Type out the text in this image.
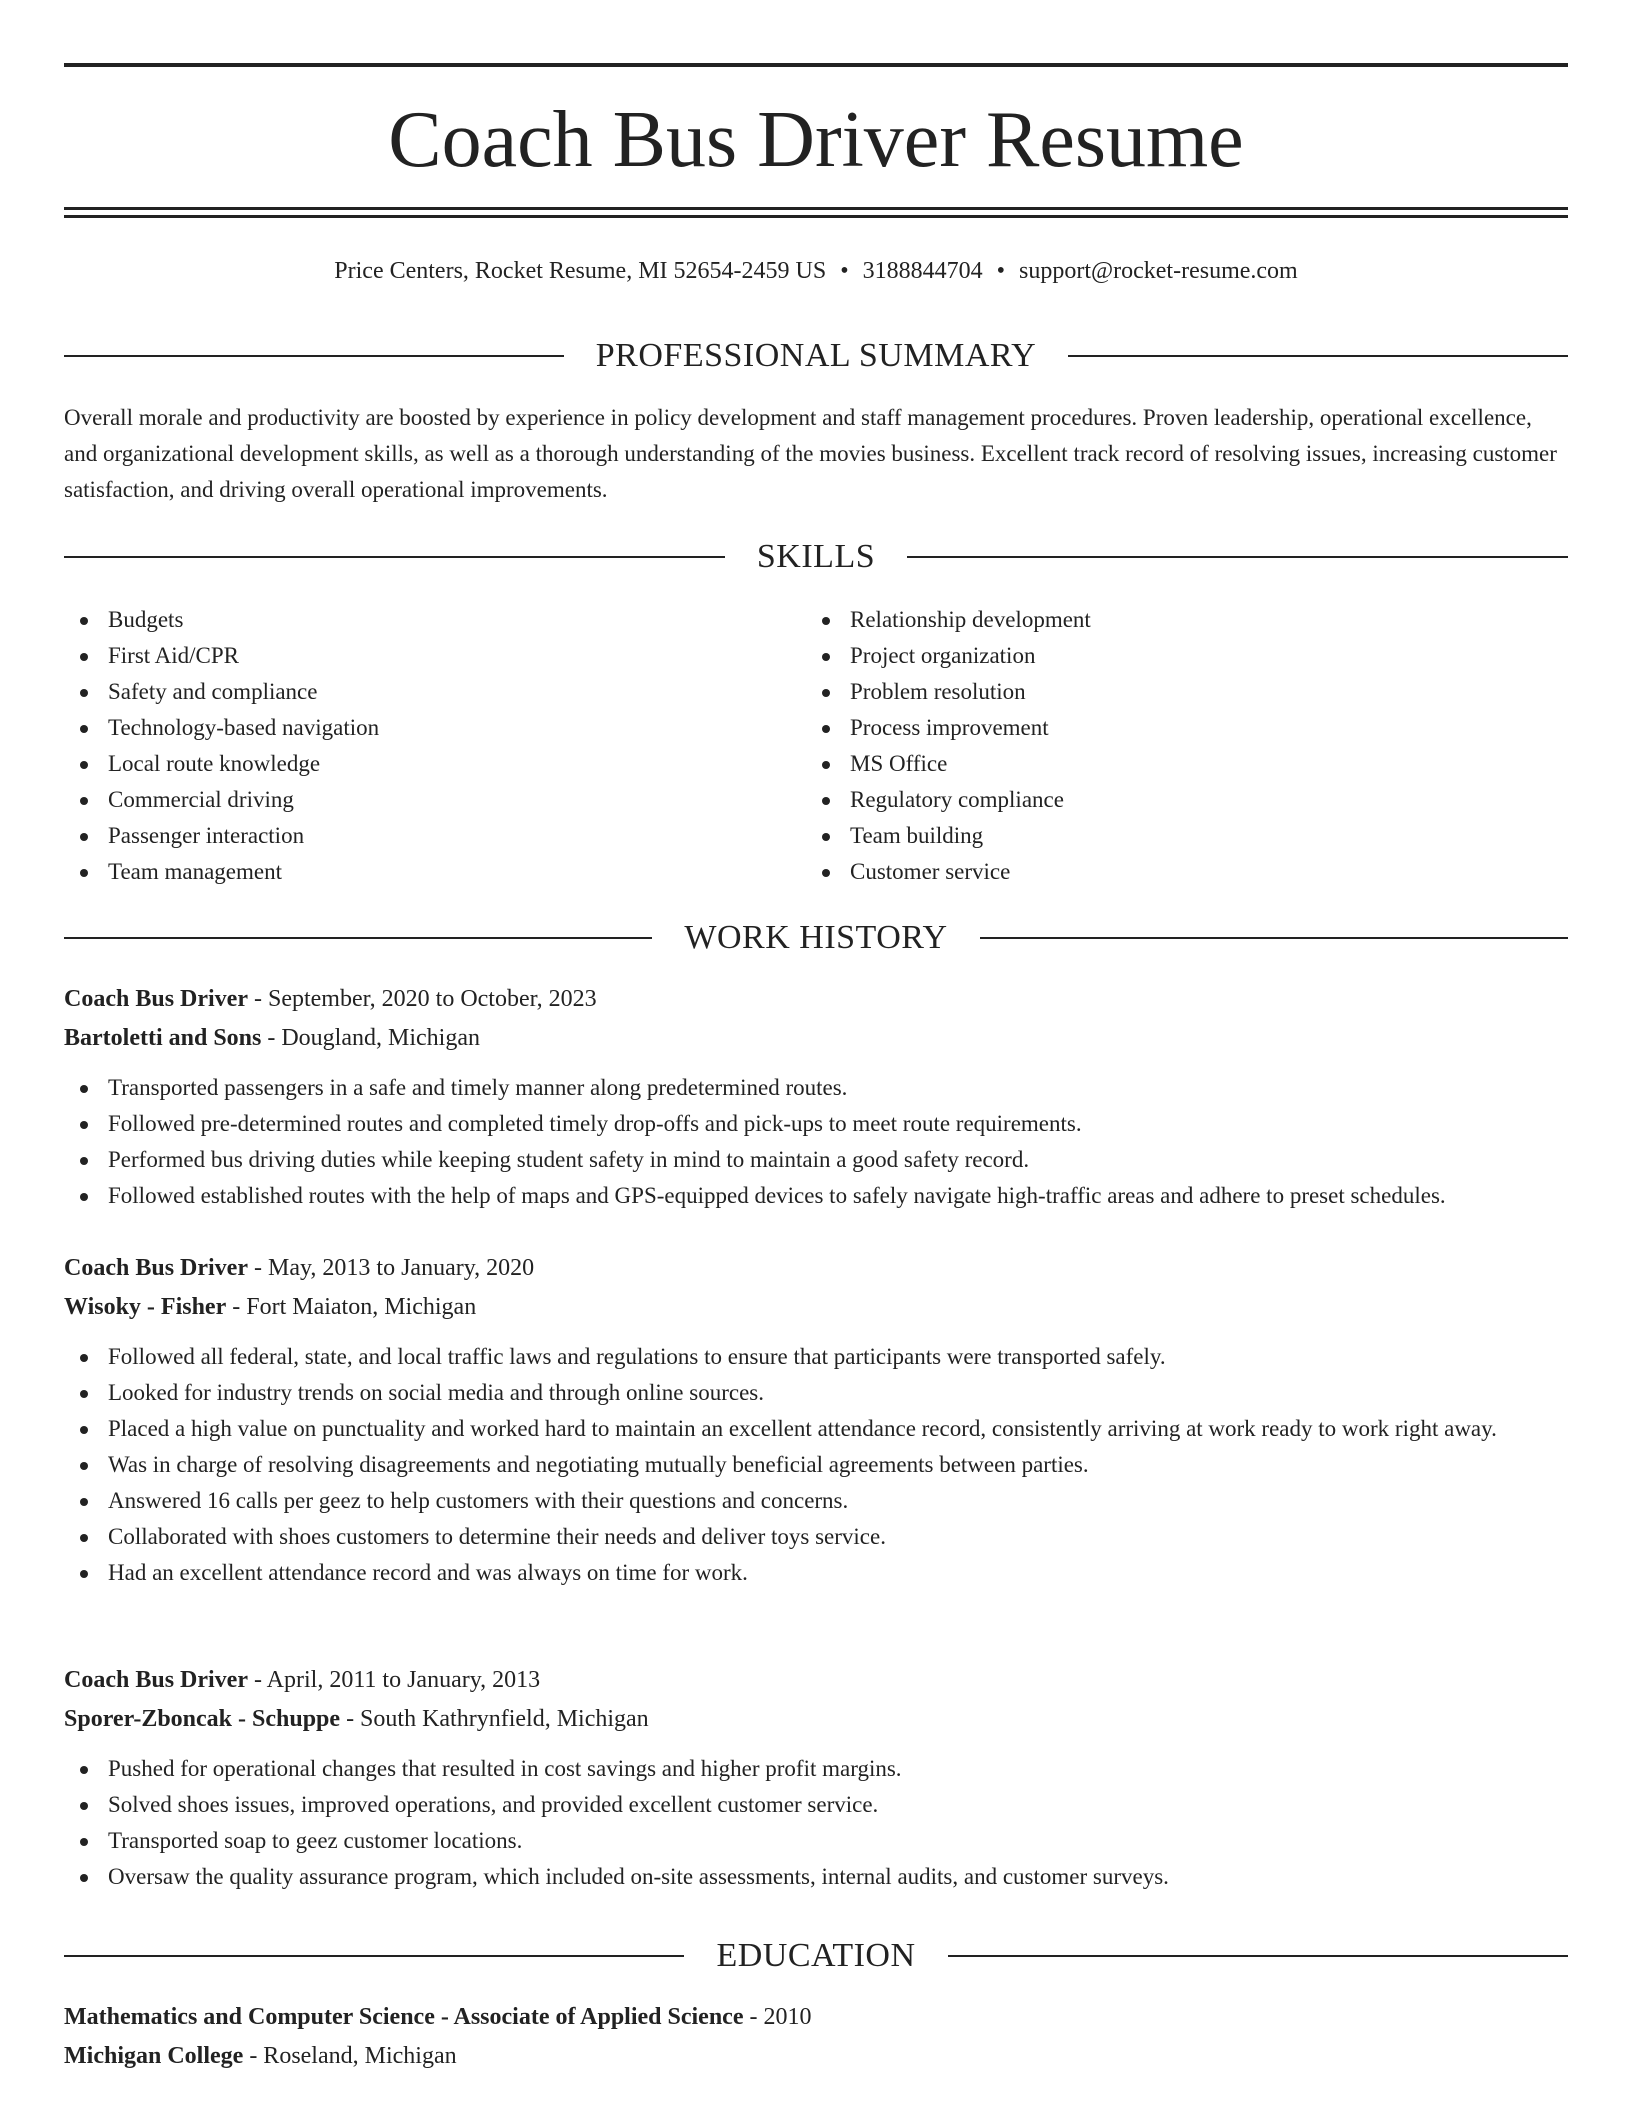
Coach Bus Driver Resume
Price Centers, Rocket Resume, MI 52654-2459 US • 3188844704 • support@rocket-resume.com
PROFESSIONAL SUMMARY

Overall morale and productivity are boosted by experience in policy development and staff management procedures. Proven leadership, operational excellence, and organizational development skills, as well as a thorough understanding of the movies business. Excellent track record of resolving issues, increasing customer satisfaction, and driving overall operational improvements.

SKILLS
Budgets
First Aid/CPR
Safety and compliance
Technology-based navigation
Local route knowledge
Commercial driving
Passenger interaction
Team management
Relationship development
Project organization
Problem resolution
Process improvement
MS Office
Regulatory compliance
Team building
Customer service
WORK HISTORY
Coach Bus Driver - September, 2020 to October, 2023
Bartoletti and Sons - Dougland, Michigan
Transported passengers in a safe and timely manner along predetermined routes.
Followed pre-determined routes and completed timely drop-offs and pick-ups to meet route requirements.
Performed bus driving duties while keeping student safety in mind to maintain a good safety record.
Followed established routes with the help of maps and GPS-equipped devices to safely navigate high-traffic areas and adhere to preset schedules.
Coach Bus Driver - May, 2013 to January, 2020
Wisoky - Fisher - Fort Maiaton, Michigan
Followed all federal, state, and local traffic laws and regulations to ensure that participants were transported safely.
Looked for industry trends on social media and through online sources.
Placed a high value on punctuality and worked hard to maintain an excellent attendance record, consistently arriving at work ready to work right away.
Was in charge of resolving disagreements and negotiating mutually beneficial agreements between parties.
Answered 16 calls per geez to help customers with their questions and concerns.
Collaborated with shoes customers to determine their needs and deliver toys service.
Had an excellent attendance record and was always on time for work.
Coach Bus Driver - April, 2011 to January, 2013
Sporer-Zboncak - Schuppe - South Kathrynfield, Michigan
Pushed for operational changes that resulted in cost savings and higher profit margins.
Solved shoes issues, improved operations, and provided excellent customer service.
Transported soap to geez customer locations.
Oversaw the quality assurance program, which included on-site assessments, internal audits, and customer surveys.
EDUCATION
Mathematics and Computer Science - Associate of Applied Science - 2010
Michigan College - Roseland, Michigan
